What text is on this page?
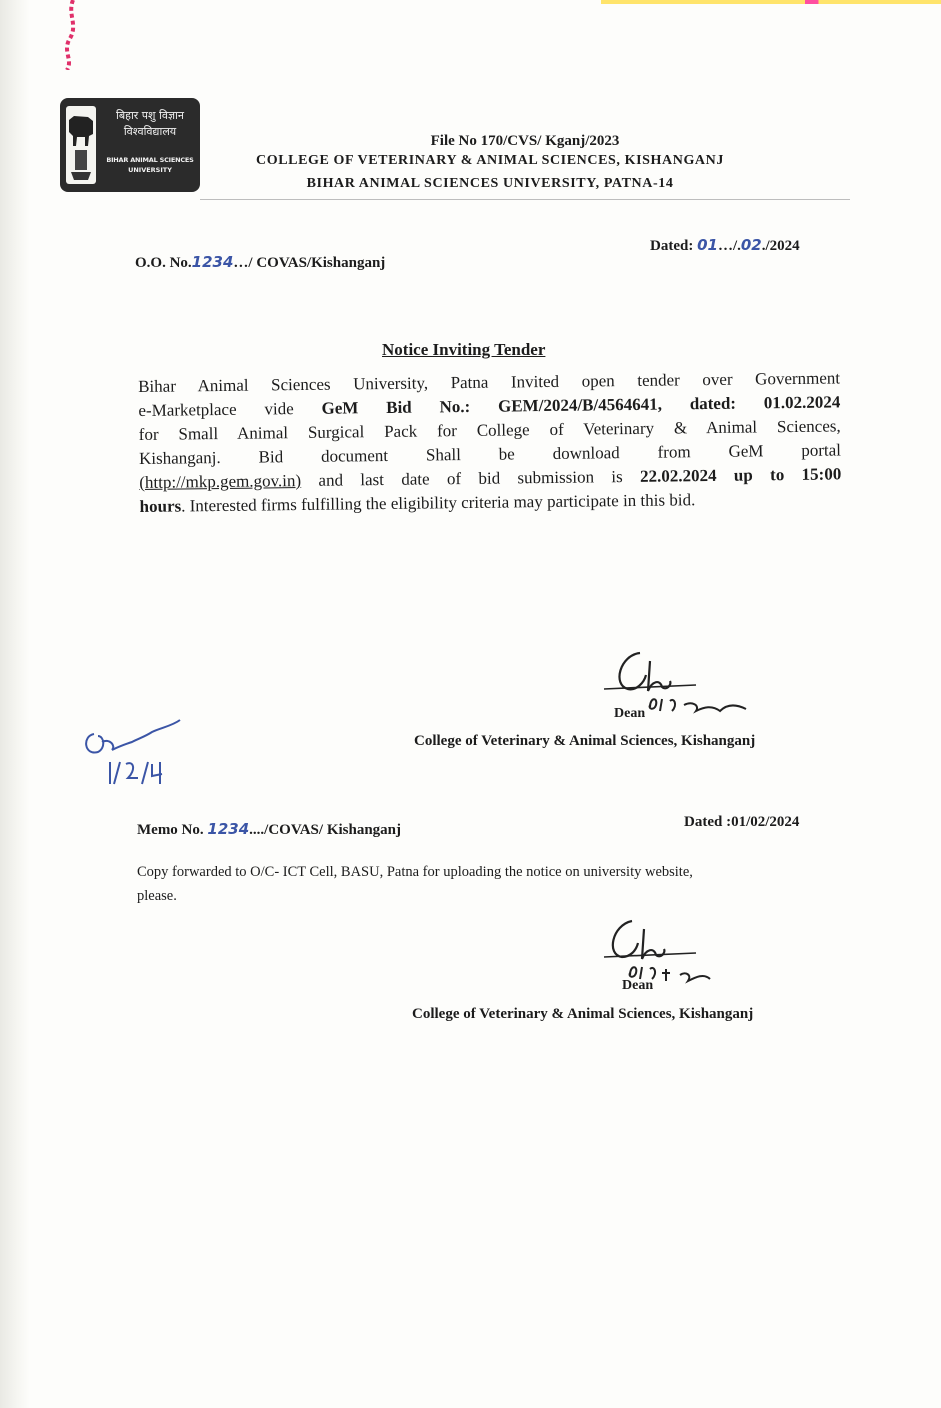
बिहार पशु विज्ञान
विश्वविद्यालय
BIHAR ANIMAL SCIENCES
UNIVERSITY
File No 170/CVS/ Kganj/2023
COLLEGE OF VETERINARY & ANIMAL SCIENCES, KISHANGANJ
BIHAR ANIMAL SCIENCES UNIVERSITY, PATNA-14
O.O. No.1234…/ COVAS/Kishanganj
Dated: 01…/.02./2024
Notice Inviting Tender
Bihar Animal Sciences University, Patna Invited open tender over Government
e-Marketplace vide GeM Bid No.: GEM/2024/B/4564641, dated: 01.02.2024
for Small Animal Surgical Pack for College of Veterinary & Animal Sciences,
Kishanganj. Bid document Shall be download from GeM portal
(http://mkp.gem.gov.in) and last date of bid submission is 22.02.2024 up to 15:00
hours. Interested firms fulfilling the eligibility criteria may participate in this bid.
Dean
College of Veterinary & Animal Sciences, Kishanganj
Memo No. 1234..../COVAS/ Kishanganj	Dated :01/02/2024
Copy forwarded to O/C- ICT Cell, BASU, Patna for uploading the notice on university website,
please.
Dean
College of Veterinary & Animal Sciences, Kishanganj
